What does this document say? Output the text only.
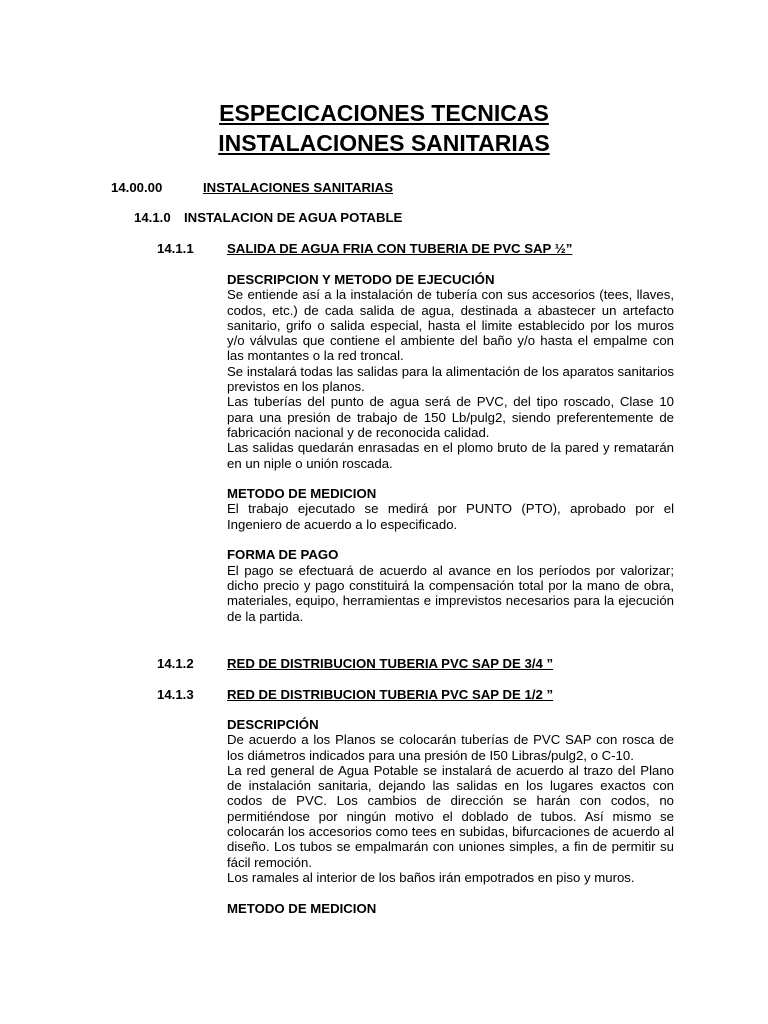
ESPECICACIONES TECNICAS
INSTALACIONES SANITARIAS
14.00.00	INSTALACIONES SANITARIAS
14.1.0 INSTALACION DE AGUA POTABLE
14.1.1	SALIDA DE AGUA FRIA CON TUBERIA DE PVC SAP ½”

DESCRIPCION Y METODO DE EJECUCIÓN

Se entiende así a la instalación de tubería con sus accesorios (tees, llaves, codos, etc.) de cada salida de agua, destinada a abastecer un artefacto sanitario, grifo o salida especial, hasta el limite establecido por los muros y/o válvulas que contiene el ambiente del baño y/o hasta el empalme con las montantes o la red troncal.

Se instalará todas las salidas para la alimentación de los aparatos sanitarios previstos en los planos.

Las tuberías del punto de agua será de PVC, del tipo roscado, Clase 10 para una presión de trabajo de 150 Lb/pulg2, siendo preferentemente de fabricación nacional y de reconocida calidad.

Las salidas quedarán enrasadas en el plomo bruto de la pared y rematarán en un niple o unión roscada.

METODO DE MEDICION

El trabajo ejecutado se medirá por PUNTO (PTO), aprobado por el Ingeniero de acuerdo a lo especificado.

FORMA DE PAGO

El pago se efectuará de acuerdo al avance en los períodos por valorizar; dicho precio y pago constituirá la compensación total por la mano de obra, materiales, equipo, herramientas e imprevistos necesarios para la ejecución de la partida.

14.1.2	RED DE DISTRIBUCION TUBERIA PVC SAP DE 3/4 ”
14.1.3	RED DE DISTRIBUCION TUBERIA PVC SAP DE 1/2 ”

DESCRIPCIÓN

De acuerdo a los Planos se colocarán tuberías de PVC SAP con rosca de los diámetros indicados para una presión de I50 Libras/pulg2, o C-10.

La red general de Agua Potable se instalará de acuerdo al trazo del Plano de instalación sanitaria, dejando las salidas en los lugares exactos con codos de PVC. Los cambios de dirección se harán con codos, no permitiéndose por ningún motivo el doblado de tubos. Así mismo se colocarán los accesorios como tees en subidas, bifurcaciones de acuerdo al diseño. Los tubos se empalmarán con uniones simples, a fin de permitir su fácil remoción.

Los ramales al interior de los baños irán empotrados en piso y muros.

METODO DE MEDICION
